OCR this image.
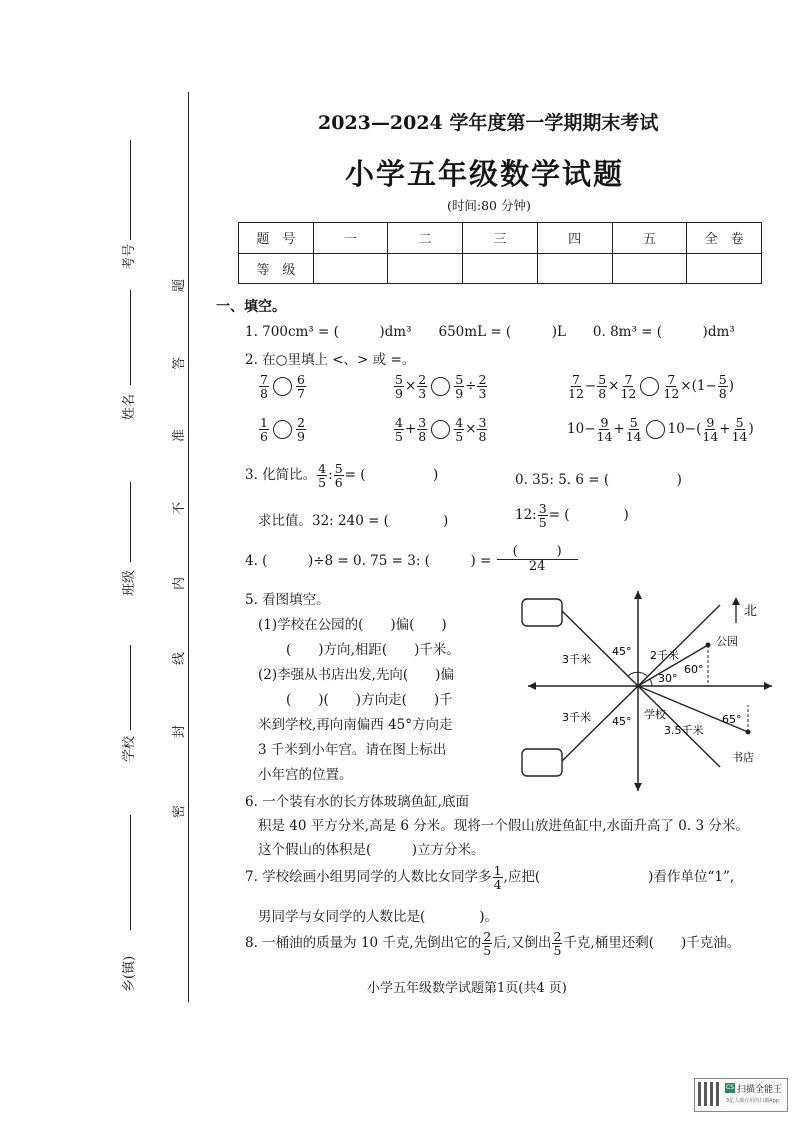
考号
姓名
班级
学校
乡(镇)
题
答
准
不
内
线
封
密
2023—2024 学年度第一学期期末考试
小学五年级数学试题
(时间:80 分钟)
题　号	一	二	三	四	五	全　卷
等　级						
一、填空。
1. 700cm³ = (　　　)dm³　　650mL = (　　　)L　　0. 8m³ = (　　　)dm³
2. 在○里填上 <、> 或 =。
$\frac{7}{8} \frac{6}{7}$	$\frac{5}{9} \times \frac{2}{3} \frac{5}{9} \div \frac{2}{3}$	$\frac{7}{12} - \frac{5}{8} \times \frac{7}{12} \frac{7}{12} \times(1- \frac{5}{8}$ )
$\frac{1}{6} \frac{2}{9}$	$\frac{4}{5} + \frac{3}{8} \frac{4}{5} \times \frac{3}{8}$	$10- \frac{9}{14} + \frac{5}{14} 10-( \frac{9}{14} + \frac{5}{14}$ )
3. 化简比。 $\frac{4}{5}$ : $\frac{5}{6}$ = (　　　　　)	0. 35: 5. 6 = (　　　　　)
求比值。32: 240 = (　　　　)	12: $\frac{3}{5}$ = (　　　　)
4. (　　　)÷8 = 0. 75 = 3: (　　　) = $\frac{( )}{24}$
5. 看图填空。
(1)学校在公园的(　　)偏(　　)
(　　)方向,相距(　　)千米。
(2)李强从书店出发,先向(　　)偏
(　　)(　　)方向走(　　)千
米到学校,再向南偏西 45°方向走
3 千米到小年宫。请在图上标出
小年宫的位置。
45°
45°
3千米
3千米
2千米
60°
30°
学校
3.5千米
公园
65°
书店
北
6. 一个装有水的长方体玻璃鱼缸,底面
积是 40 平方分米,高是 6 分米。现将一个假山放进鱼缸中,水面升高了 0. 3 分米。
这个假山的体积是(　　　)立方分米。
7. 学校绘画小组男同学的人数比女同学多 $\frac{1}{4}$ ,应把(　　　　　　　　)看作单位“1”,
男同学与女同学的人数比是(　　　　)。
8. 一桶油的质量为 10 千克,先倒出它的 $\frac{2}{5}$ 后,又倒出 $\frac{2}{5}$ 千克,桶里还剩(　　)千克油。
小学五年级数学试题第1页(共4 页)
CS 扫描全能王
3亿人都在用的扫描App
